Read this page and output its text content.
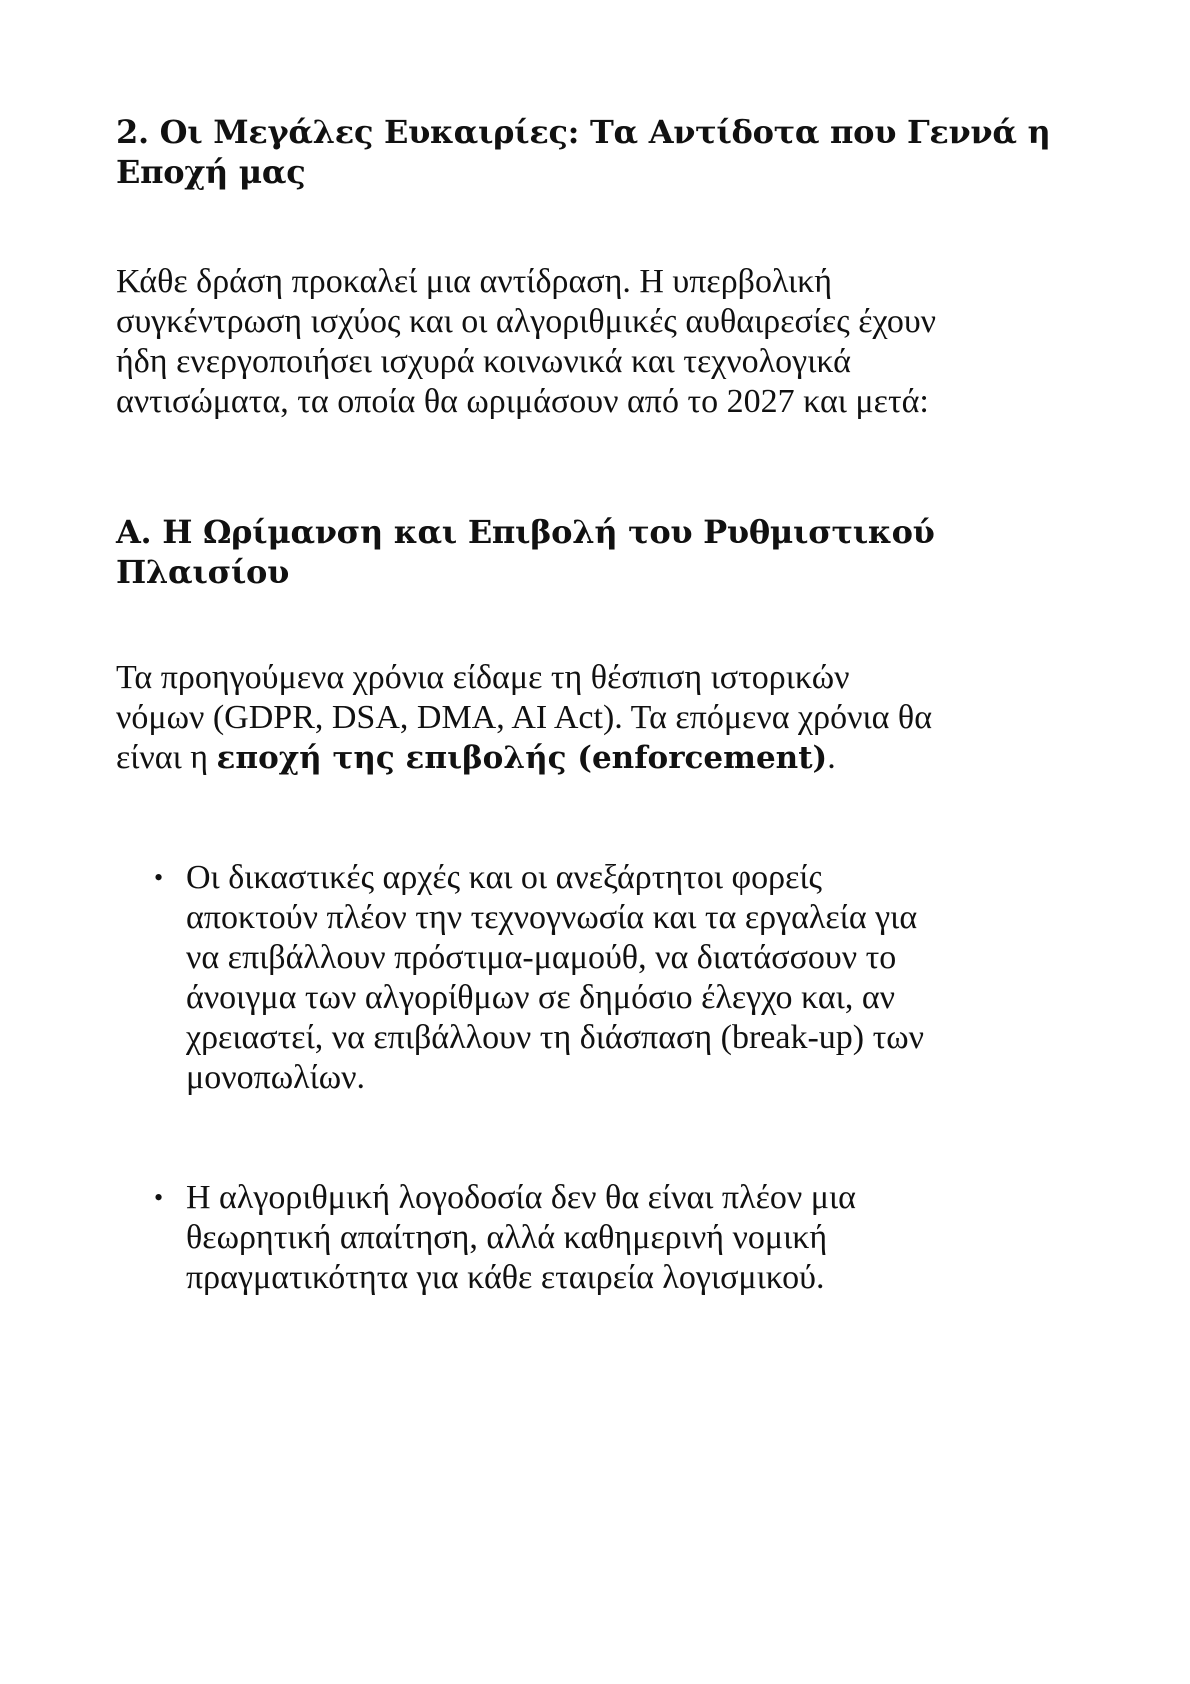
2. Οι Μεγάλες Ευκαιρίες: Τα Αντίδοτα που Γεννά η
Εποχή μας

Κάθε δράση προκαλεί μια αντίδραση. Η υπερβολική
συγκέντρωση ισχύος και οι αλγοριθμικές αυθαιρεσίες έχουν
ήδη ενεργοποιήσει ισχυρά κοινωνικά και τεχνολογικά
αντισώματα, τα οποία θα ωριμάσουν από το 2027 και μετά:

Α. Η Ωρίμανση και Επιβολή του Ρυθμιστικού
Πλαισίου

Τα προηγούμενα χρόνια είδαμε τη θέσπιση ιστορικών
νόμων (GDPR, DSA, DMA, AI Act). Τα επόμενα χρόνια θα
είναι η εποχή της επιβολής (enforcement).

• Οι δικαστικές αρχές και οι ανεξάρτητοι φορείς
αποκτούν πλέον την τεχνογνωσία και τα εργαλεία για
να επιβάλλουν πρόστιμα-μαμούθ, να διατάσσουν το
άνοιγμα των αλγορίθμων σε δημόσιο έλεγχο και, αν
χρειαστεί, να επιβάλλουν τη διάσπαση (break-up) των
μονοπωλίων.
• Η αλγοριθμική λογοδοσία δεν θα είναι πλέον μια
θεωρητική απαίτηση, αλλά καθημερινή νομική
πραγματικότητα για κάθε εταιρεία λογισμικού.
